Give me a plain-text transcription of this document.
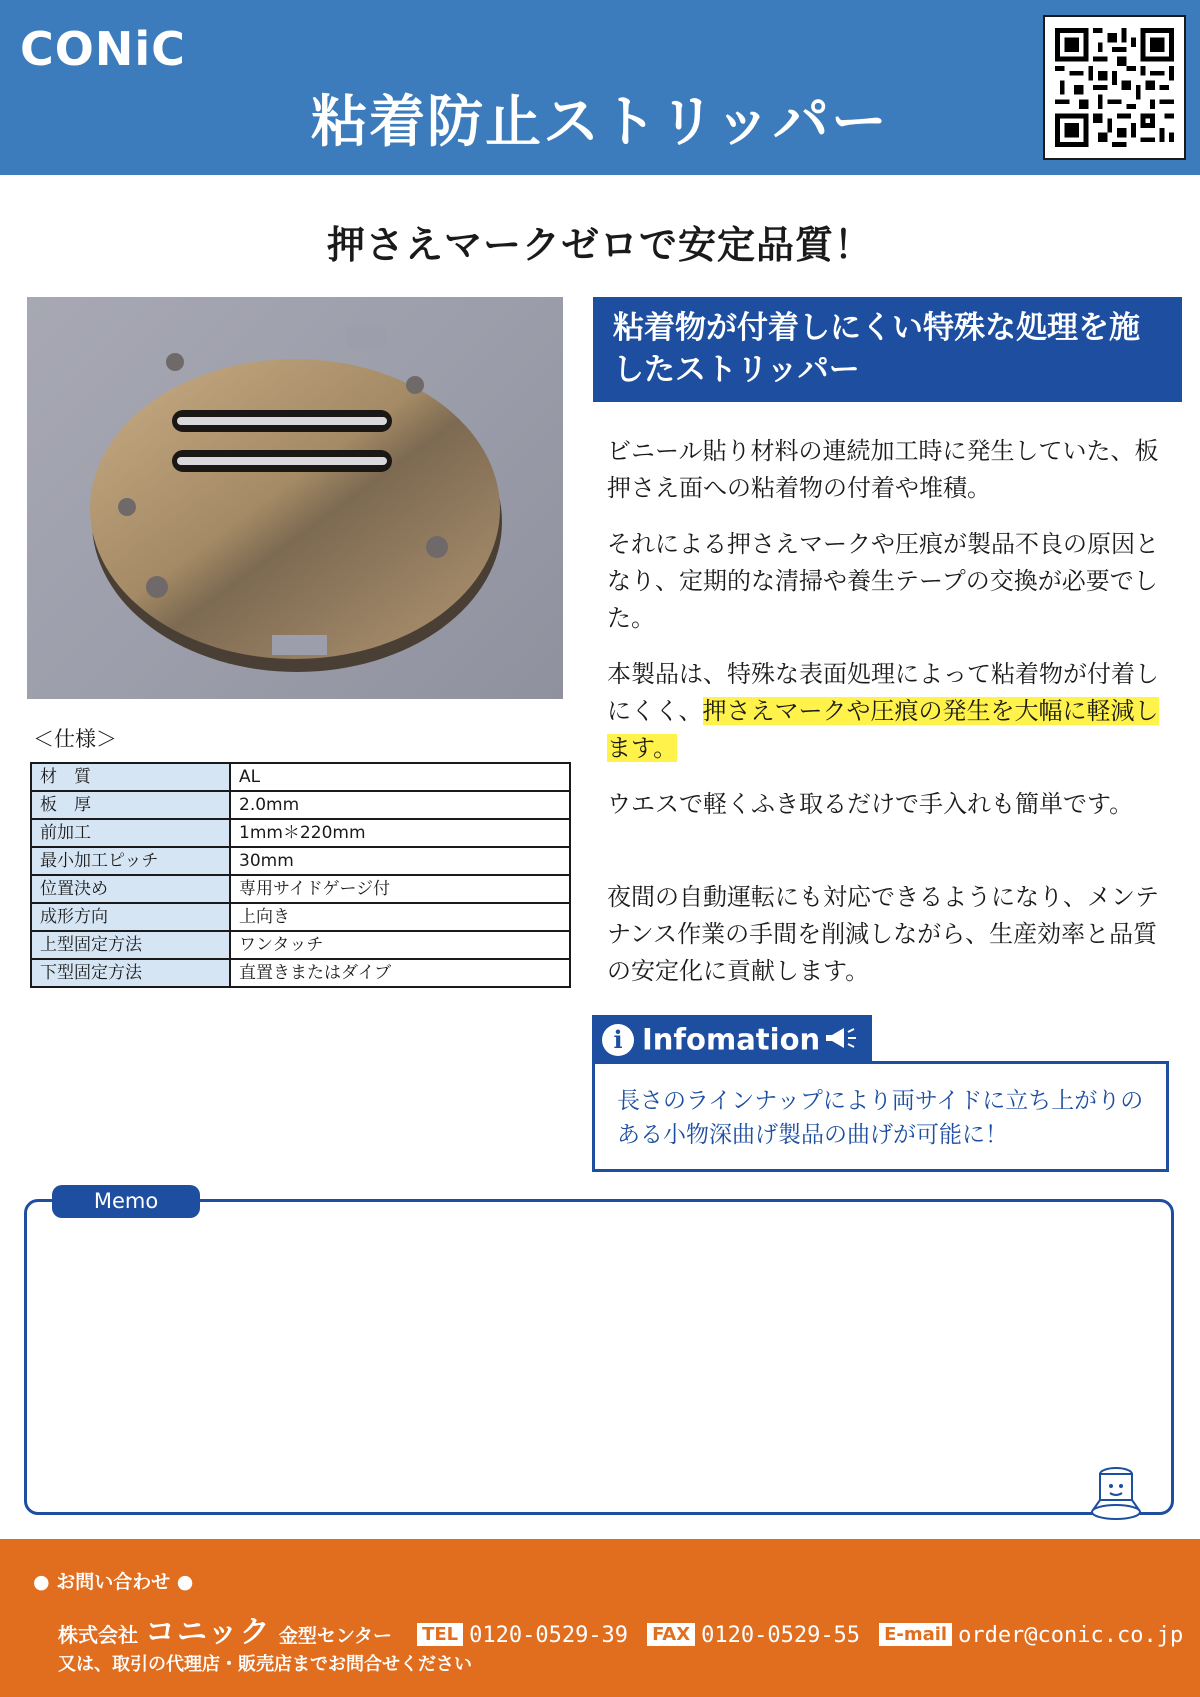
CONiC
粘着防止ストリッパー
押さえマークゼロで安定品質！
＜仕様＞
材　質	AL
板　厚	2.0mm
前加工	1mm＊220mm
最小加工ピッチ	30mm
位置決め	専用サイドゲージ付
成形方向	上向き
上型固定方法	ワンタッチ
下型固定方法	直置きまたはダイブ
粘着物が付着しにくい特殊な処理を施したストリッパー

ビニール貼り材料の連続加工時に発生していた、板押さえ面への粘着物の付着や堆積。

それによる押さえマークや圧痕が製品不良の原因となり、定期的な清掃や養生テープの交換が必要でした。

本製品は、特殊な表面処理によって粘着物が付着しにくく、押さえマークや圧痕の発生を大幅に軽減します。

ウエスで軽くふき取るだけで手入れも簡単です。

夜間の自動運転にも対応できるようになり、メンテナンス作業の手間を削減しながら、生産効率と品質の安定化に貢献します。

i Infomation
長さのラインナップにより両サイドに立ち上がりのある小物深曲げ製品の曲げが可能に！
Memo
● お問い合わせ ●
株式会社 コニック 金型センター TEL 0120-0529-39 FAX 0120-0529-55 E-mail order@conic.co.jp
又は、取引の代理店・販売店までお問合せください
